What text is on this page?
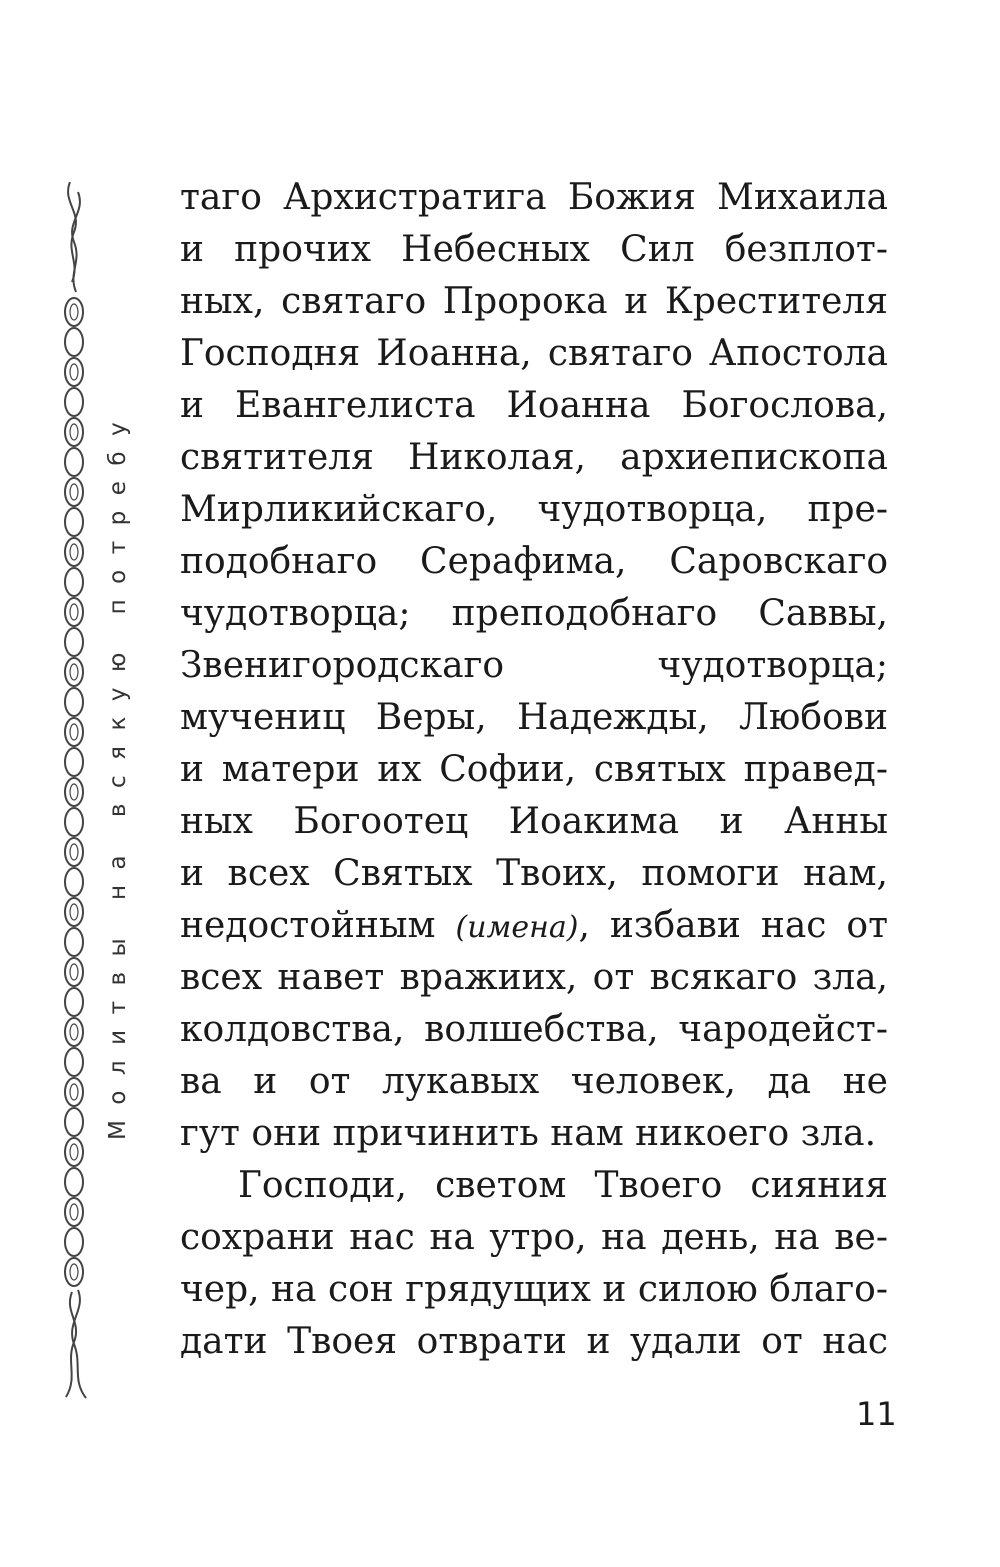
Молитвы на всякую потребу
таго Архистратига Божия Михаила
и прочих Небесных Сил безплот-
ных, святаго Пророка и Крестителя
Господня Иоанна, святаго Апостола
и Евангелиста Иоанна Богослова,
святителя Николая, архиепископа
Мирликийскаго, чудотворца, пре-
подобнаго Серафима, Саровскаго
чудотворца; преподобнаго Саввы,
Звенигородскаго чудотворца;
мучениц Веры, Надежды, Любови
и матери их Софии, святых правед-
ных Богоотец Иоакима и Анны
и всех Святых Твоих, помоги нам,
недостойным (имена), избави нас от
всех навет вражиих, от всякаго зла,
колдовства, волшебства, чародейст-
ва и от лукавых человек, да не
гут они причинить нам никоего зла.
Господи, светом Твоего сияния
сохрани нас на утро, на день, на ве-
чер, на сон грядущих и силою благо-
дати Твоея отврати и удали от нас
11
